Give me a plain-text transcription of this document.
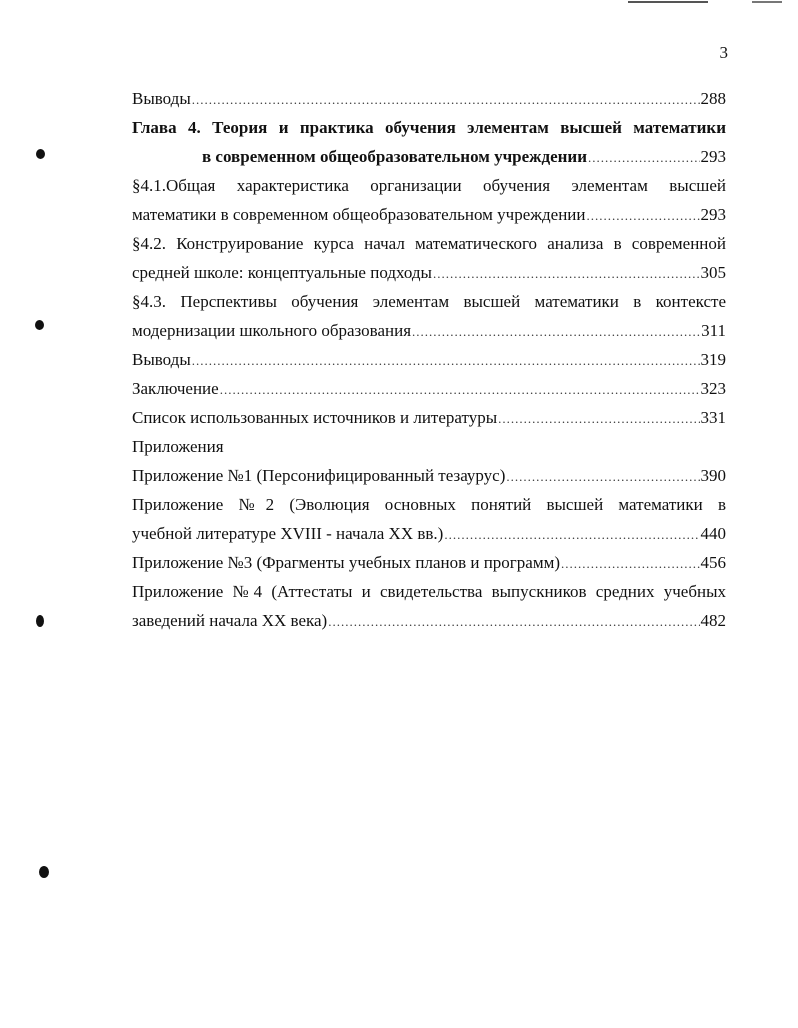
3
Выводы .....	288
Глава 4. Теория и практика обучения элементам высшей математики
в современном общеобразовательном учреждении .....	293
§4.1.Общая характеристика организации обучения элементам высшей
математики в современном общеобразовательном учреждении .....	293
§4.2. Конструирование курса начал математического анализа в современной
средней школе: концептуальные подходы .....	305
§4.3. Перспективы обучения элементам высшей математики в контексте
модернизации школьного образования .....	311
Выводы .....	319
Заключение .....	323
Список использованных источников и литературы .....	331
Приложения
Приложение №1 (Персонифицированный тезаурус) .....	390
Приложение №2 (Эволюция основных понятий высшей математики в
учебной литературе XVIII - начала XX вв.) .....	440
Приложение №3 (Фрагменты учебных планов и программ) .....	456
Приложение №4 (Аттестаты и свидетельства выпускников средних учебных
заведений начала XX века) .....	482
